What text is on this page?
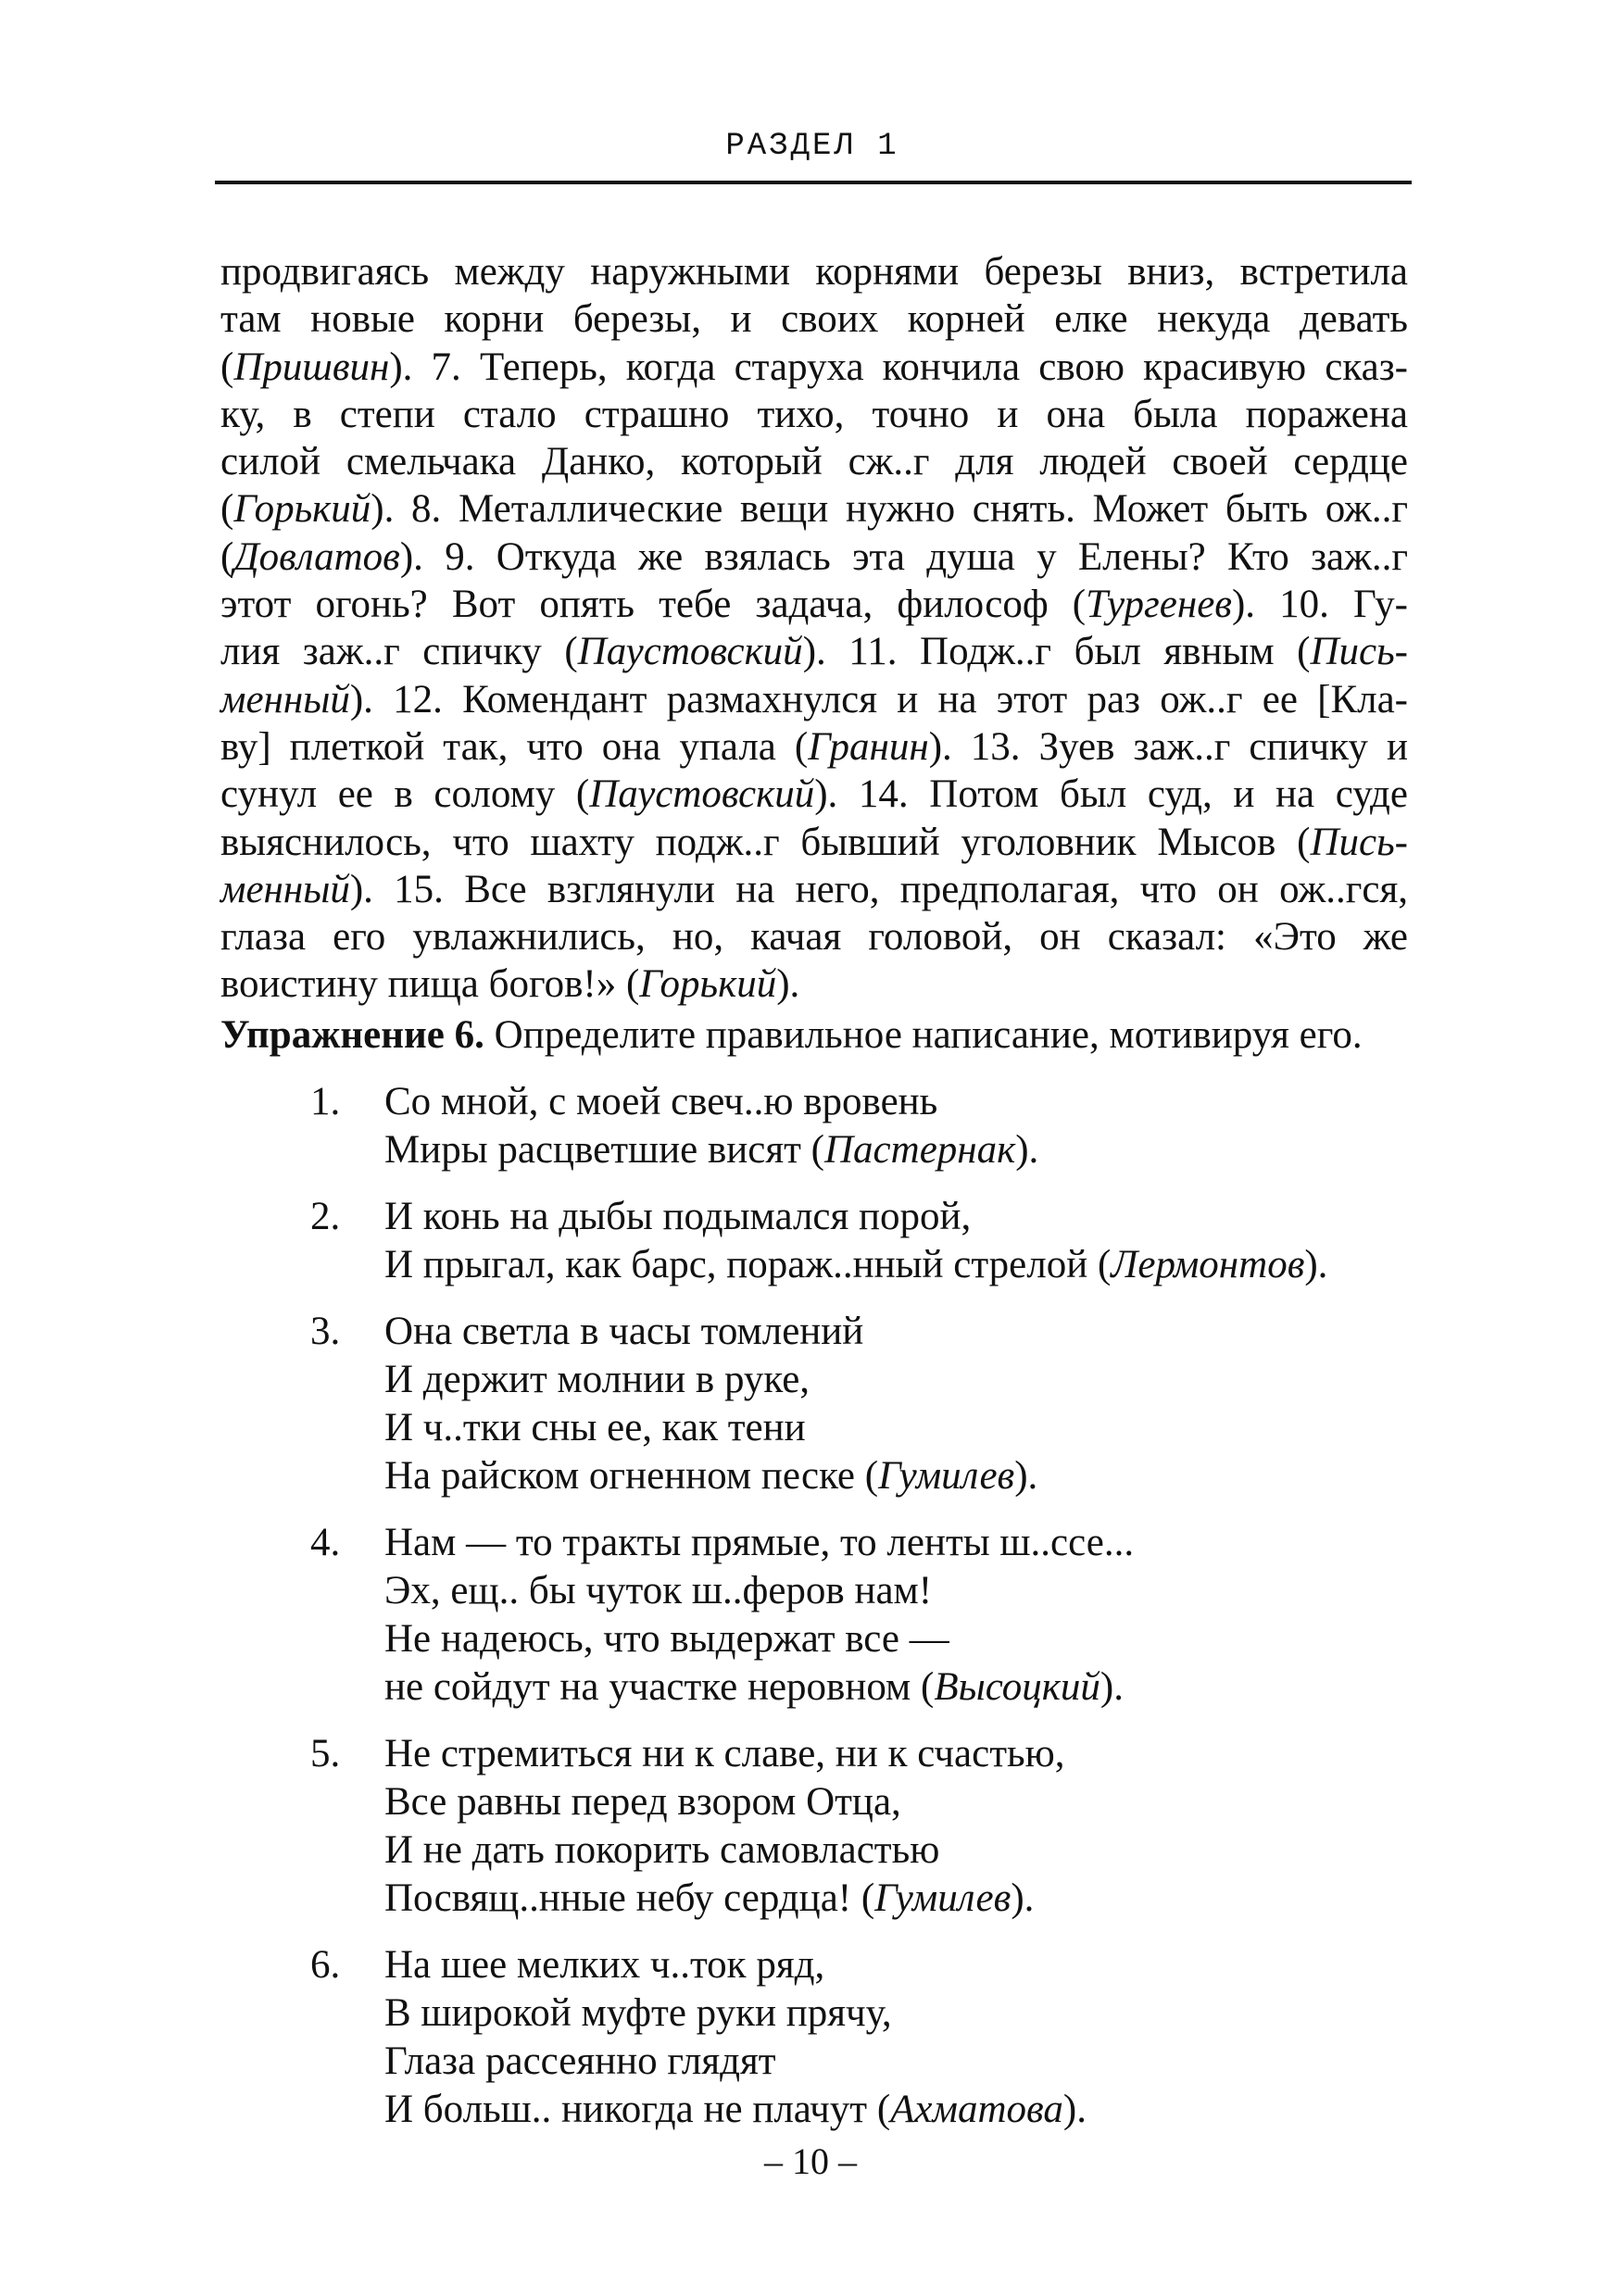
РАЗДЕЛ 1
продвигаясь между наружными корнями березы вниз, встретила
там новые корни березы, и своих корней елке некуда девать
(Пришвин). 7. Теперь, когда старуха кончила свою красивую сказ-
ку, в степи стало страшно тихо, точно и она была поражена
силой смельчака Данко, который сж..г для людей своей сердце
(Горький). 8. Металлические вещи нужно снять. Может быть ож..г
(Довлатов). 9. Откуда же взялась эта душа у Елены? Кто заж..г
этот огонь? Вот опять тебе задача, философ (Тургенев). 10. Гу-
лия заж..г спичку (Паустовский). 11. Подж..г был явным (Пись-
менный). 12. Комендант размахнулся и на этот раз ож..г ее [Кла-
ву] плеткой так, что она упала (Гранин). 13. Зуев заж..г спичку и
сунул ее в солому (Паустовский). 14. Потом был суд, и на суде
выяснилось, что шахту подж..г бывший уголовник Мысов (Пись-
менный). 15. Все взглянули на него, предполагая, что он ож..гся,
глаза его увлажнились, но, качая головой, он сказал: «Это же
воистину пища богов!» (Горький).
Упражнение 6. Определите правильное написание, мотивируя его.
1. Со мной, с моей свеч..ю вровень
Миры расцветшие висят (Пастернак).
2. И конь на дыбы подымался порой,
И прыгал, как барс, пораж..нный стрелой (Лермонтов).
3. Она светла в часы томлений
И держит молнии в руке,
И ч..тки сны ее, как тени
На райском огненном песке (Гумилев).
4. Нам — то тракты прямые, то ленты ш..ссе...
Эх, ещ.. бы чуток ш..феров нам!
Не надеюсь, что выдержат все —
не сойдут на участке неровном (Высоцкий).
5. Не стремиться ни к славе, ни к счастью,
Все равны перед взором Отца,
И не дать покорить самовластью
Посвящ..нные небу сердца! (Гумилев).
6. На шее мелких ч..ток ряд,
В широкой муфте руки прячу,
Глаза рассеянно глядят
И больш.. никогда не плачут (Ахматова).
– 10 –
